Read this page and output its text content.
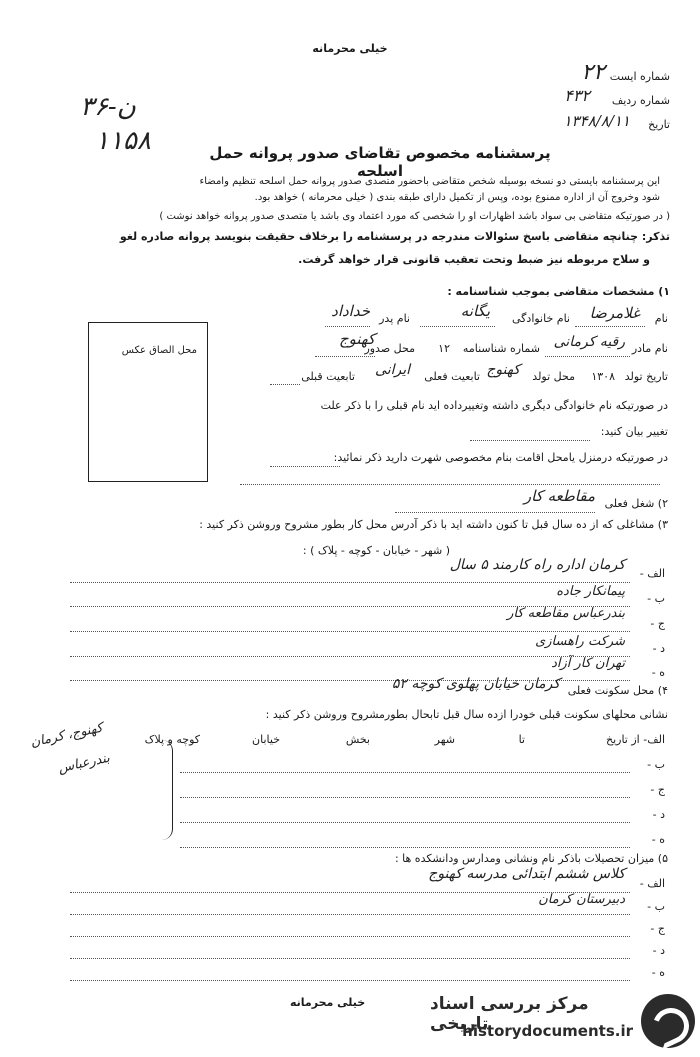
خیلی محرمانه
شماره ایست
۲۲
شماره ردیف
۴۳۲
تاریخ
۱۳۴۸/۸/۱۱
۳۶-ن
۱۱۵۸	پرسشنامه مخصوص تقاضای صدور پروانه حمل اسلحه
این پرسشنامه بایستی دو نسخه بوسیله شخص متقاضی باحضور متصدی صدور پروانه حمل اسلحه تنظیم وامضاء
شود وخروج آن از اداره ممنوع بوده، وپس از تکمیل دارای طبقه بندی ( خیلی محرمانه ) خواهد بود.
( در صورتیکه متقاضی بی سواد باشد اظهارات او را شخصی که مورد اعتماد وی باشد یا متصدی صدور پروانه خواهد نوشت )
تذکر: چنانچه متقاضی باسخ سئوالات مندرجه در پرسشنامه را برخلاف حقیقت بنویسد پروانه صادره لغو
و سلاح مربوطه نیز ضبط وتحت تعقیب قانونی قرار خواهد گرفت.
۱) مشخصات متقاضی بموجب شناسنامه :
نام
غلامرضا
نام خانوادگی
یگانه
نام پدر
خداداد
نام مادر
رقیه کرمانی
شماره شناسنامه
۱۲
محل صدور
کهنوج
تاریخ تولد
۱۳۰۸
محل تولد
کهنوج
تابعیت فعلی
ایرانی
تابعیت قبلی
در صورتیکه نام خانوادگی دیگری داشته وتغییرداده اید نام قبلی را با ذکر علت
تغییر بیان کنید:
در صورتیکه درمنزل یامحل اقامت بنام مخصوصی شهرت دارید ذکر نمائید:
محل الصاق عکس
۲) شغل فعلی
مقاطعه کار
۳) مشاغلی که از ده سال قبل تا کنون داشته اید با ذکر آدرس محل کار بطور مشروح وروشن ذکر کنید :
( شهر - خیابان - کوچه - پلاک ) :
الف -
کرمان اداره راه کارمند ۵ سال
ب -
پیمانکار جاده
ج -
بندرعباس مقاطعه کار
د -
شرکت راهسازی
ه -
تهران کار آزاد
۴) محل سکونت فعلی
کرمان خیابان پهلوی کوچه ۵۲
نشانی محلهای سکونت قبلی خودرا ازده سال قبل تابحال بطورمشروح وروشن ذکر کنید :
الف- از تاریخ
تا
شهر
بخش
خیابان
کوچه و پلاک
ب -
ج -
د -
ه -
کهنوج، کرمان
بندرعباس
۵) میزان تحصیلات باذکر نام ونشانی ومدارس ودانشکده ها :
الف -
کلاس ششم ابتدائی مدرسه کهنوج
ب -
دبیرستان کرمان
ج -
د -
ه -
خیلی محرمانه	مرکز بررسی اسناد تاریخی
historydocuments.ir
